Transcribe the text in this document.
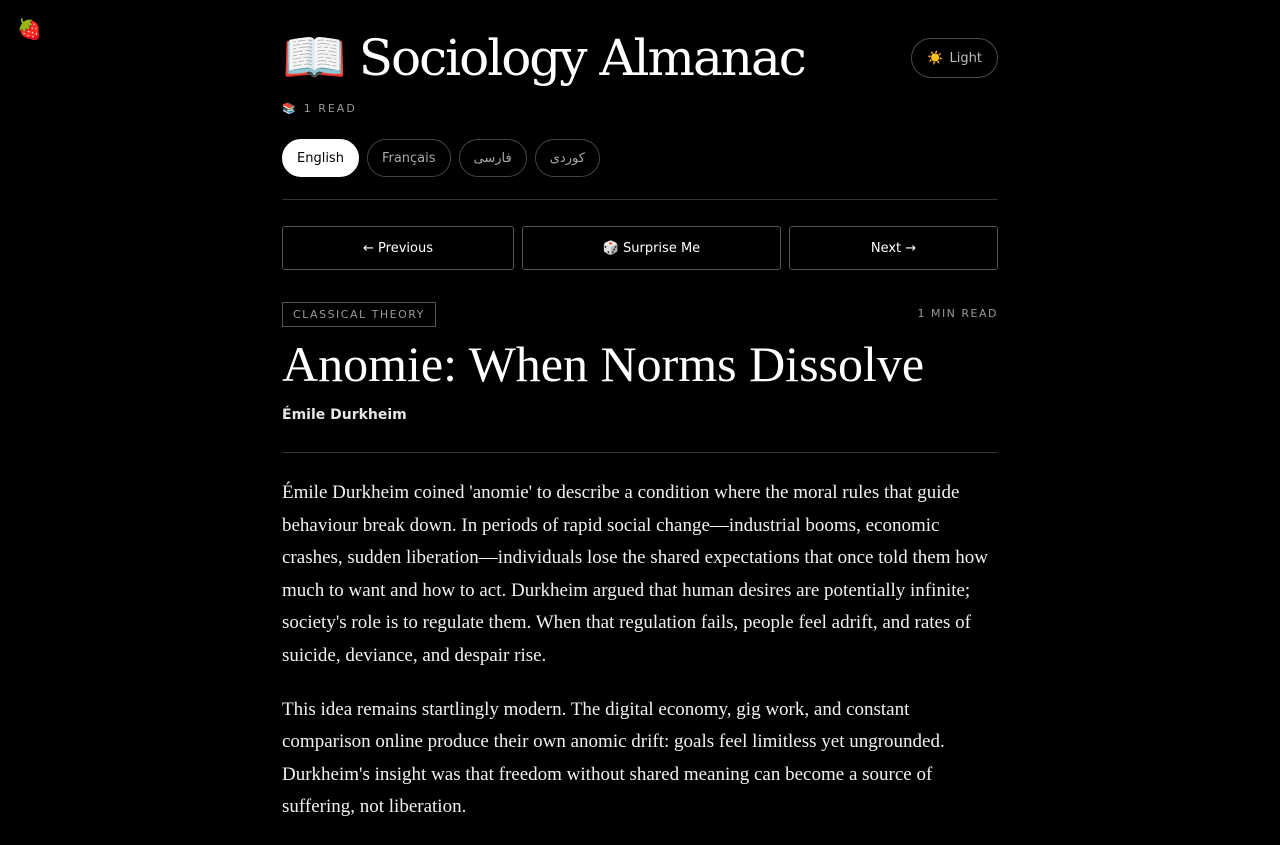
🍓	📖 Sociology Almanac	☀️ Light
📚 1 READ
English	Français	فارسی	کوردی
← Previous	🎲 Surprise Me	Next →
CLASSICAL THEORY	1 MIN READ
Anomie: When Norms Dissolve
Émile Durkheim

Émile Durkheim coined 'anomie' to describe a condition where the moral rules that guide behaviour break down. In periods of rapid social change—industrial booms, economic crashes, sudden liberation—individuals lose the shared expectations that once told them how much to want and how to act. Durkheim argued that human desires are potentially infinite; society's role is to regulate them. When that regulation fails, people feel adrift, and rates of suicide, deviance, and despair rise.

This idea remains startlingly modern. The digital economy, gig work, and constant comparison online produce their own anomic drift: goals feel limitless yet ungrounded. Durkheim's insight was that freedom without shared meaning can become a source of suffering, not liberation.
